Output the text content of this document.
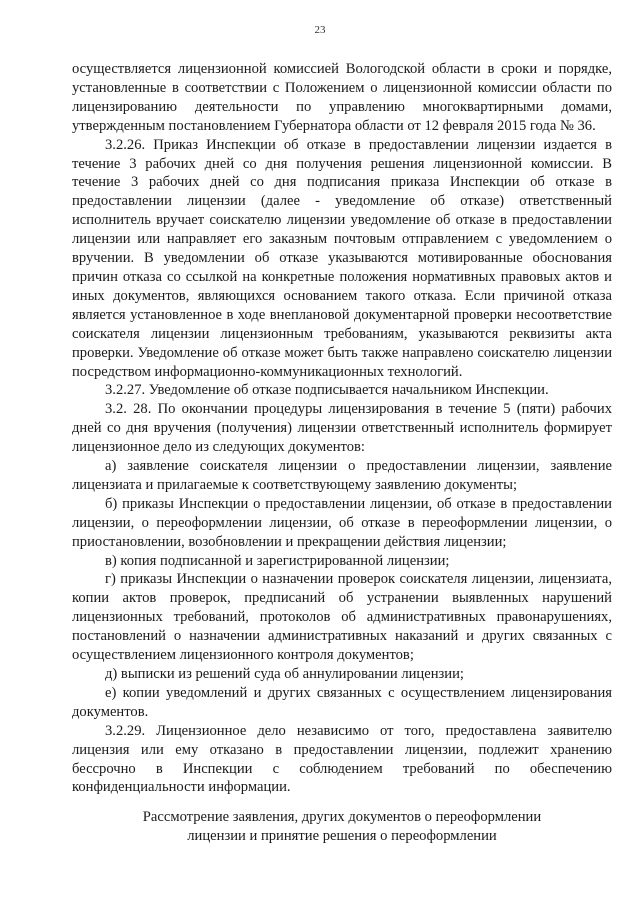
23

осуществляется лицензионной комиссией Вологодской области в сроки и порядке, установленные в соответствии с Положением о лицензионной комиссии области по лицензированию деятельности по управлению многоквартирными домами, утвержденным постановлением Губернатора области от 12 февраля 2015 года № 36.

3.2.26. Приказ Инспекции об отказе в предоставлении лицензии издается в течение 3 рабочих дней со дня получения решения лицензионной комиссии. В течение 3 рабочих дней со дня подписания приказа Инспекции об отказе в предоставлении лицензии (далее - уведомление об отказе) ответственный исполнитель вручает соискателю лицензии уведомление об отказе в предоставлении лицензии или направляет его заказным почтовым отправлением с уведомлением о вручении. В уведомлении об отказе указываются мотивированные обоснования причин отказа со ссылкой на конкретные положения нормативных правовых актов и иных документов, являющихся основанием такого отказа. Если причиной отказа является установленное в ходе внеплановой документарной проверки несоответствие соискателя лицензии лицензионным требованиям, указываются реквизиты акта проверки. Уведомление об отказе может быть также направлено соискателю лицензии посредством информационно-коммуникационных технологий.

3.2.27. Уведомление об отказе подписывается начальником Инспекции.

3.2. 28. По окончании процедуры лицензирования в течение 5 (пяти) рабочих дней со дня вручения (получения) лицензии ответственный исполнитель формирует лицензионное дело из следующих документов:

а) заявление соискателя лицензии о предоставлении лицензии, заявление лицензиата и прилагаемые к соответствующему заявлению документы;

б) приказы Инспекции о предоставлении лицензии, об отказе в предоставлении лицензии, о переоформлении лицензии, об отказе в переоформлении лицензии, о приостановлении, возобновлении и прекращении действия лицензии;

в) копия подписанной и зарегистрированной лицензии;

г) приказы Инспекции о назначении проверок соискателя лицензии, лицензиата, копии актов проверок, предписаний об устранении выявленных нарушений лицензионных требований, протоколов об административных правонарушениях, постановлений о назначении административных наказаний и других связанных с осуществлением лицензионного контроля документов;

д) выписки из решений суда об аннулировании лицензии;

е) копии уведомлений и других связанных с осуществлением лицензирования документов.

3.2.29. Лицензионное дело независимо от того, предоставлена заявителю лицензия или ему отказано в предоставлении лицензии, подлежит хранению бессрочно в Инспекции с соблюдением требований по обеспечению конфиденциальности информации.

Рассмотрение заявления, других документов о переоформлении
лицензии и принятие решения о переоформлении
